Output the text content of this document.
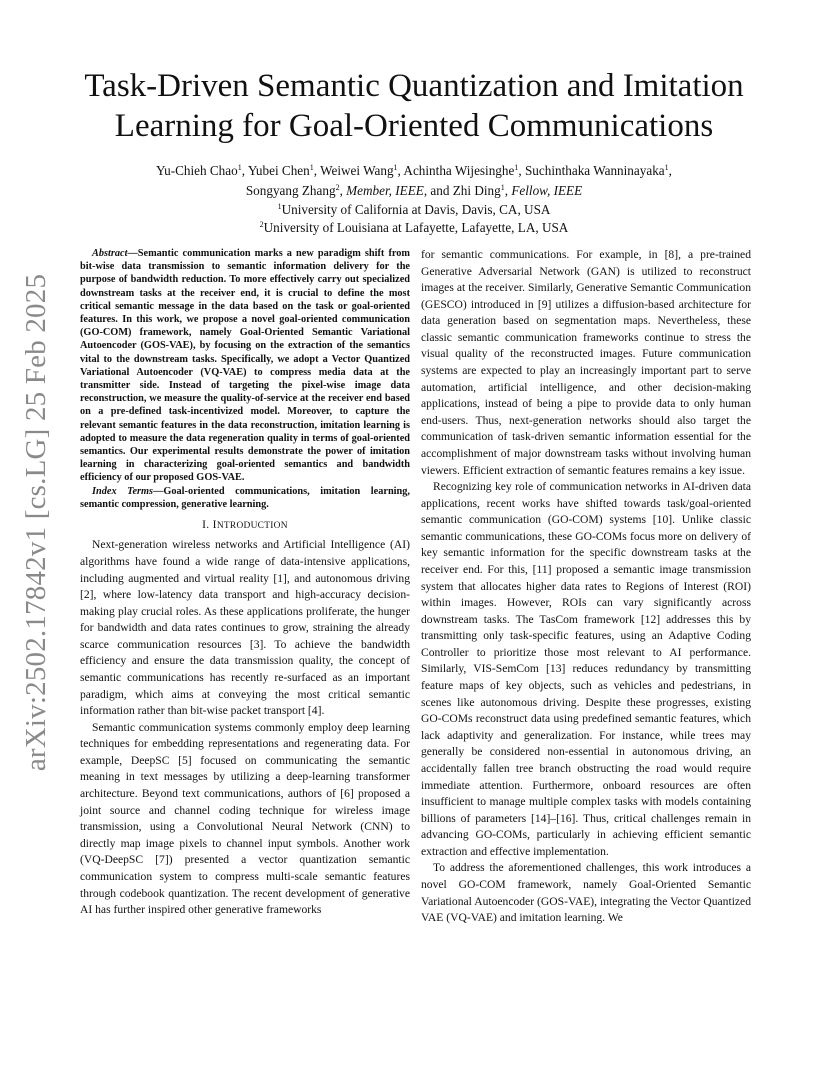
arXiv:2502.17842v1 [cs.LG] 25 Feb 2025
Task-Driven Semantic Quantization and Imitation
Learning for Goal-Oriented Communications
Yu-Chieh Chao$^1$, Yubei Chen$^1$, Weiwei Wang$^1$, Achintha Wijesinghe$^1$, Suchinthaka Wanninayaka$^1$,
Songyang Zhang$^2$, Member, IEEE, and Zhi Ding$^1$, Fellow, IEEE
$^1$University of California at Davis, Davis, CA, USA
$^2$University of Louisiana at Lafayette, Lafayette, LA, USA

Abstract—Semantic communication marks a new paradigm shift from bit-wise data transmission to semantic information delivery for the purpose of bandwidth reduction. To more effectively carry out specialized downstream tasks at the receiver end, it is crucial to define the most critical semantic message in the data based on the task or goal-oriented features. In this work, we propose a novel goal-oriented communication (GO-COM) framework, namely Goal-Oriented Semantic Variational Autoencoder (GOS-VAE), by focusing on the extraction of the semantics vital to the downstream tasks. Specifically, we adopt a Vector Quantized Variational Autoencoder (VQ-VAE) to compress media data at the transmitter side. Instead of targeting the pixel-wise image data reconstruction, we measure the quality-of-service at the receiver end based on a pre-defined task-incentivized model. Moreover, to capture the relevant semantic features in the data reconstruction, imitation learning is adopted to measure the data regeneration quality in terms of goal-oriented semantics. Our experimental results demonstrate the power of imitation learning in characterizing goal-oriented semantics and bandwidth efficiency of our proposed GOS-VAE.

Index Terms—Goal-oriented communications, imitation learning, semantic compression, generative learning.

I. INTRODUCTION

Next-generation wireless networks and Artificial Intelligence (AI) algorithms have found a wide range of data-intensive applications, including augmented and virtual reality [1], and autonomous driving [2], where low-latency data transport and high-accuracy decision-making play crucial roles. As these applications proliferate, the hunger for bandwidth and data rates continues to grow, straining the already scarce communication resources [3]. To achieve the bandwidth efficiency and ensure the data transmission quality, the concept of semantic communications has recently re-surfaced as an important paradigm, which aims at conveying the most critical semantic information rather than bit-wise packet transport [4].

Semantic communication systems commonly employ deep learning techniques for embedding representations and regenerating data. For example, DeepSC [5] focused on communicating the semantic meaning in text messages by utilizing a deep-learning transformer architecture. Beyond text communications, authors of [6] proposed a joint source and channel coding technique for wireless image transmission, using a Convolutional Neural Network (CNN) to directly map image pixels to channel input symbols. Another work (VQ-DeepSC [7]) presented a vector quantization semantic communication system to compress multi-scale semantic features through codebook quantization. The recent development of generative AI has further inspired other generative frameworks

for semantic communications. For example, in [8], a pre-trained Generative Adversarial Network (GAN) is utilized to reconstruct images at the receiver. Similarly, Generative Semantic Communication (GESCO) introduced in [9] utilizes a diffusion-based architecture for data generation based on segmentation maps. Nevertheless, these classic semantic communication frameworks continue to stress the visual quality of the reconstructed images. Future communication systems are expected to play an increasingly important part to serve automation, artificial intelligence, and other decision-making applications, instead of being a pipe to provide data to only human end-users. Thus, next-generation networks should also target the communication of task-driven semantic information essential for the accomplishment of major downstream tasks without involving human viewers. Efficient extraction of semantic features remains a key issue.

Recognizing key role of communication networks in AI-driven data applications, recent works have shifted towards task/goal-oriented semantic communication (GO-COM) systems [10]. Unlike classic semantic communications, these GO-COMs focus more on delivery of key semantic information for the specific downstream tasks at the receiver end. For this, [11] proposed a semantic image transmission system that allocates higher data rates to Regions of Interest (ROI) within images. However, ROIs can vary significantly across downstream tasks. The TasCom framework [12] addresses this by transmitting only task-specific features, using an Adaptive Coding Controller to prioritize those most relevant to AI performance. Similarly, VIS-SemCom [13] reduces redundancy by transmitting feature maps of key objects, such as vehicles and pedestrians, in scenes like autonomous driving. Despite these progresses, existing GO-COMs reconstruct data using predefined semantic features, which lack adaptivity and generalization. For instance, while trees may generally be considered non-essential in autonomous driving, an accidentally fallen tree branch obstructing the road would require immediate attention. Furthermore, onboard resources are often insufficient to manage multiple complex tasks with models containing billions of parameters [14]–[16]. Thus, critical challenges remain in advancing GO-COMs, particularly in achieving efficient semantic extraction and effective implementation.

To address the aforementioned challenges, this work introduces a novel GO-COM framework, namely Goal-Oriented Semantic Variational Autoencoder (GOS-VAE), integrating the Vector Quantized VAE (VQ-VAE) and imitation learning. We
